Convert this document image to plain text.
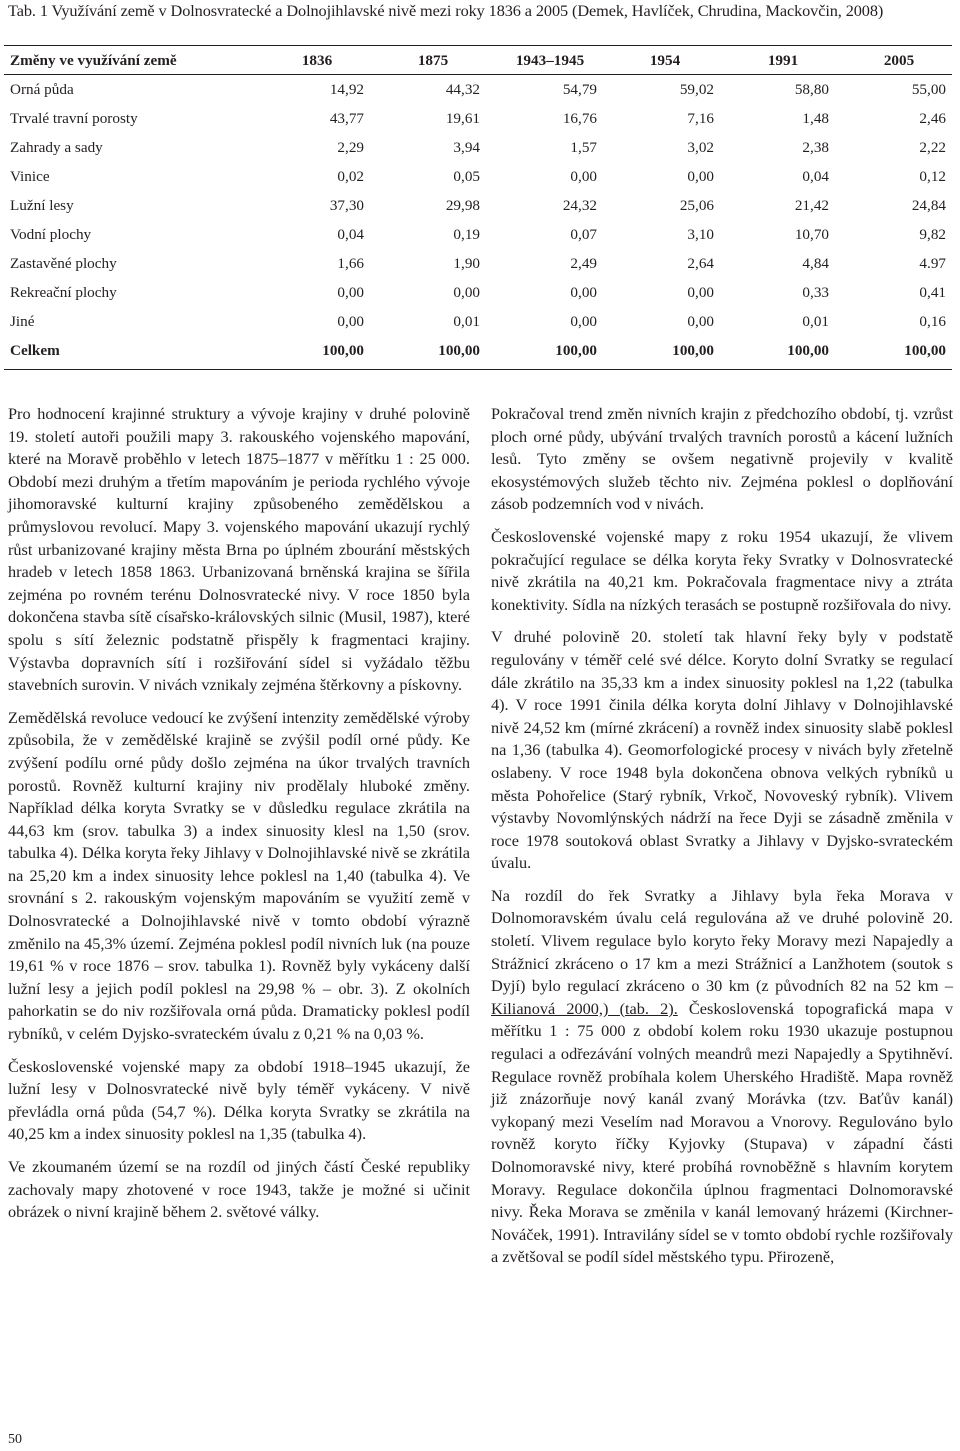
Tab. 1 Využívání země v Dolnosvratecké a Dolnojihlavské nivě mezi roky 1836 a 2005 (Demek, Havlíček, Chrudina, Mackovčin, 2008)
Změny ve využívání země	1836	1875	1943–1945	1954	1991	2005
Orná půda	14,92	44,32	54,79	59,02	58,80	55,00
Trvalé travní porosty	43,77	19,61	16,76	7,16	1,48	2,46
Zahrady a sady	2,29	3,94	1,57	3,02	2,38	2,22
Vinice	0,02	0,05	0,00	0,00	0,04	0,12
Lužní lesy	37,30	29,98	24,32	25,06	21,42	24,84
Vodní plochy	0,04	0,19	0,07	3,10	10,70	9,82
Zastavěné plochy	1,66	1,90	2,49	2,64	4,84	4.97
Rekreační plochy	0,00	0,00	0,00	0,00	0,33	0,41
Jiné	0,00	0,01	0,00	0,00	0,01	0,16
Celkem	100,00	100,00	100,00	100,00	100,00	100,00

Pro hodnocení krajinné struktury a vývoje krajiny v druhé polovině 19. století autoři použili mapy 3. rakouského vojenského mapování, které na Moravě proběhlo v letech 1875–1877 v měřítku 1 : 25 000. Období mezi druhým a třetím mapováním je perioda rychlého vývoje jihomoravské kulturní krajiny způsobeného zemědělskou a průmyslovou revolucí. Mapy 3. vojenského mapování ukazují rychlý růst urbanizované krajiny města Brna po úplném zbourání městských hradeb v letech 1858 1863. Urbanizovaná brněnská krajina se šířila zejména po rovném terénu Dolnosvratecké nivy. V roce 1850 byla dokončena stavba sítě císařsko-královských silnic (Musil, 1987), které spolu s sítí železnic podstatně přispěly k fragmentaci krajiny. Výstavba dopravních sítí i rozšiřování sídel si vyžádalo těžbu stavebních surovin. V nivách vznikaly zejména štěrkovny a pískovny.

Zemědělská revoluce vedoucí ke zvýšení intenzity zemědělské výroby způsobila, že v zemědělské krajině se zvýšil podíl orné půdy. Ke zvýšení podílu orné půdy došlo zejména na úkor trvalých travních porostů. Rovněž kulturní krajiny niv prodělaly hluboké změny. Například délka koryta Svratky se v důsledku regulace zkrátila na 44,63 km (srov. tabulka 3) a index sinuosity klesl na 1,50 (srov. tabulka 4). Délka koryta řeky Jihlavy v Dolnojihlavské nivě se zkrátila na 25,20 km a index sinuosity lehce poklesl na 1,40 (tabulka 4). Ve srovnání s 2. rakouským vojenským mapováním se využití země v Dolnosvratecké a Dolnojihlavské nivě v tomto období výrazně změnilo na 45,3% území. Zejména poklesl podíl nivních luk (na pouze 19,61 % v roce 1876 – srov. tabulka 1). Rovněž byly vykáceny další lužní lesy a jejich podíl poklesl na 29,98 % – obr. 3). Z okolních pahorkatin se do niv rozšiřovala orná půda. Dramaticky poklesl podíl rybníků, v celém Dyjsko-svrateckém úvalu z 0,21 % na 0,03 %.

Československé vojenské mapy za období 1918–1945 ukazují, že lužní lesy v Dolnosvratecké nivě byly téměř vykáceny. V nivě převládla orná půda (54,7 %). Délka koryta Svratky se zkrátila na 40,25 km a index sinuosity poklesl na 1,35 (tabulka 4).

Ve zkoumaném území se na rozdíl od jiných částí České republiky zachovaly mapy zhotovené v roce 1943, takže je možné si učinit obrázek o nivní krajině během 2. světové války.

Pokračoval trend změn nivních krajin z předchozího období, tj. vzrůst ploch orné půdy, ubývání trvalých travních porostů a kácení lužních lesů. Tyto změny se ovšem negativně projevily v kvalitě ekosystémových služeb těchto niv. Zejména poklesl o doplňování zásob podzemních vod v nivách.

Československé vojenské mapy z roku 1954 ukazují, že vlivem pokračující regulace se délka koryta řeky Svratky v Dolnosvratecké nivě zkrátila na 40,21 km. Pokračovala fragmentace nivy a ztráta konektivity. Sídla na nízkých terasách se postupně rozšiřovala do nivy.

V druhé polovině 20. století tak hlavní řeky byly v podstatě regulovány v téměř celé své délce. Koryto dolní Svratky se regulací dále zkrátilo na 35,33 km a index sinuosity poklesl na 1,22 (tabulka 4). V roce 1991 činila délka koryta dolní Jihlavy v Dolnojihlavské nivě 24,52 km (mírné zkrácení) a rovněž index sinuosity slabě poklesl na 1,36 (tabulka 4). Geomorfologické procesy v nivách byly zřetelně oslabeny. V roce 1948 byla dokončena obnova velkých rybníků u města Pohořelice (Starý rybník, Vrkoč, Novoveský rybník). Vlivem výstavby Novomlýnských nádrží na řece Dyji se zásadně změnila v roce 1978 soutoková oblast Svratky a Jihlavy v Dyjsko-svrateckém úvalu.

Na rozdíl do řek Svratky a Jihlavy byla řeka Morava v Dolnomoravském úvalu celá regulována až ve druhé polovině 20. století. Vlivem regulace bylo koryto řeky Moravy mezi Napajedly a Strážnicí zkráceno o 17 km a mezi Strážnicí a Lanžhotem (soutok s Dyjí) bylo regulací zkráceno o 30 km (z původních 82 na 52 km – Kilianová 2000,) (tab. 2). Československá topografická mapa v měřítku 1 : 75 000 z období kolem roku 1930 ukazuje postupnou regulaci a odřezávání volných meandrů mezi Napajedly a Spytihněví. Regulace rovněž probíhala kolem Uherského Hradiště. Mapa rovněž již znázorňuje nový kanál zvaný Morávka (tzv. Baťův kanál) vykopaný mezi Veselím nad Moravou a Vnorovy. Regulováno bylo rovněž koryto říčky Kyjovky (Stupava) v západní části Dolnomoravské nivy, které probíhá rovnoběžně s hlavním korytem Moravy. Regulace dokončila úplnou fragmentaci Dolnomoravské nivy. Řeka Morava se změnila v kanál lemovaný hrázemi (Kirchner-Nováček, 1991). Intravilány sídel se v tomto období rychle rozšiřovaly a zvětšoval se podíl sídel městského typu. Přirozeně,

50
